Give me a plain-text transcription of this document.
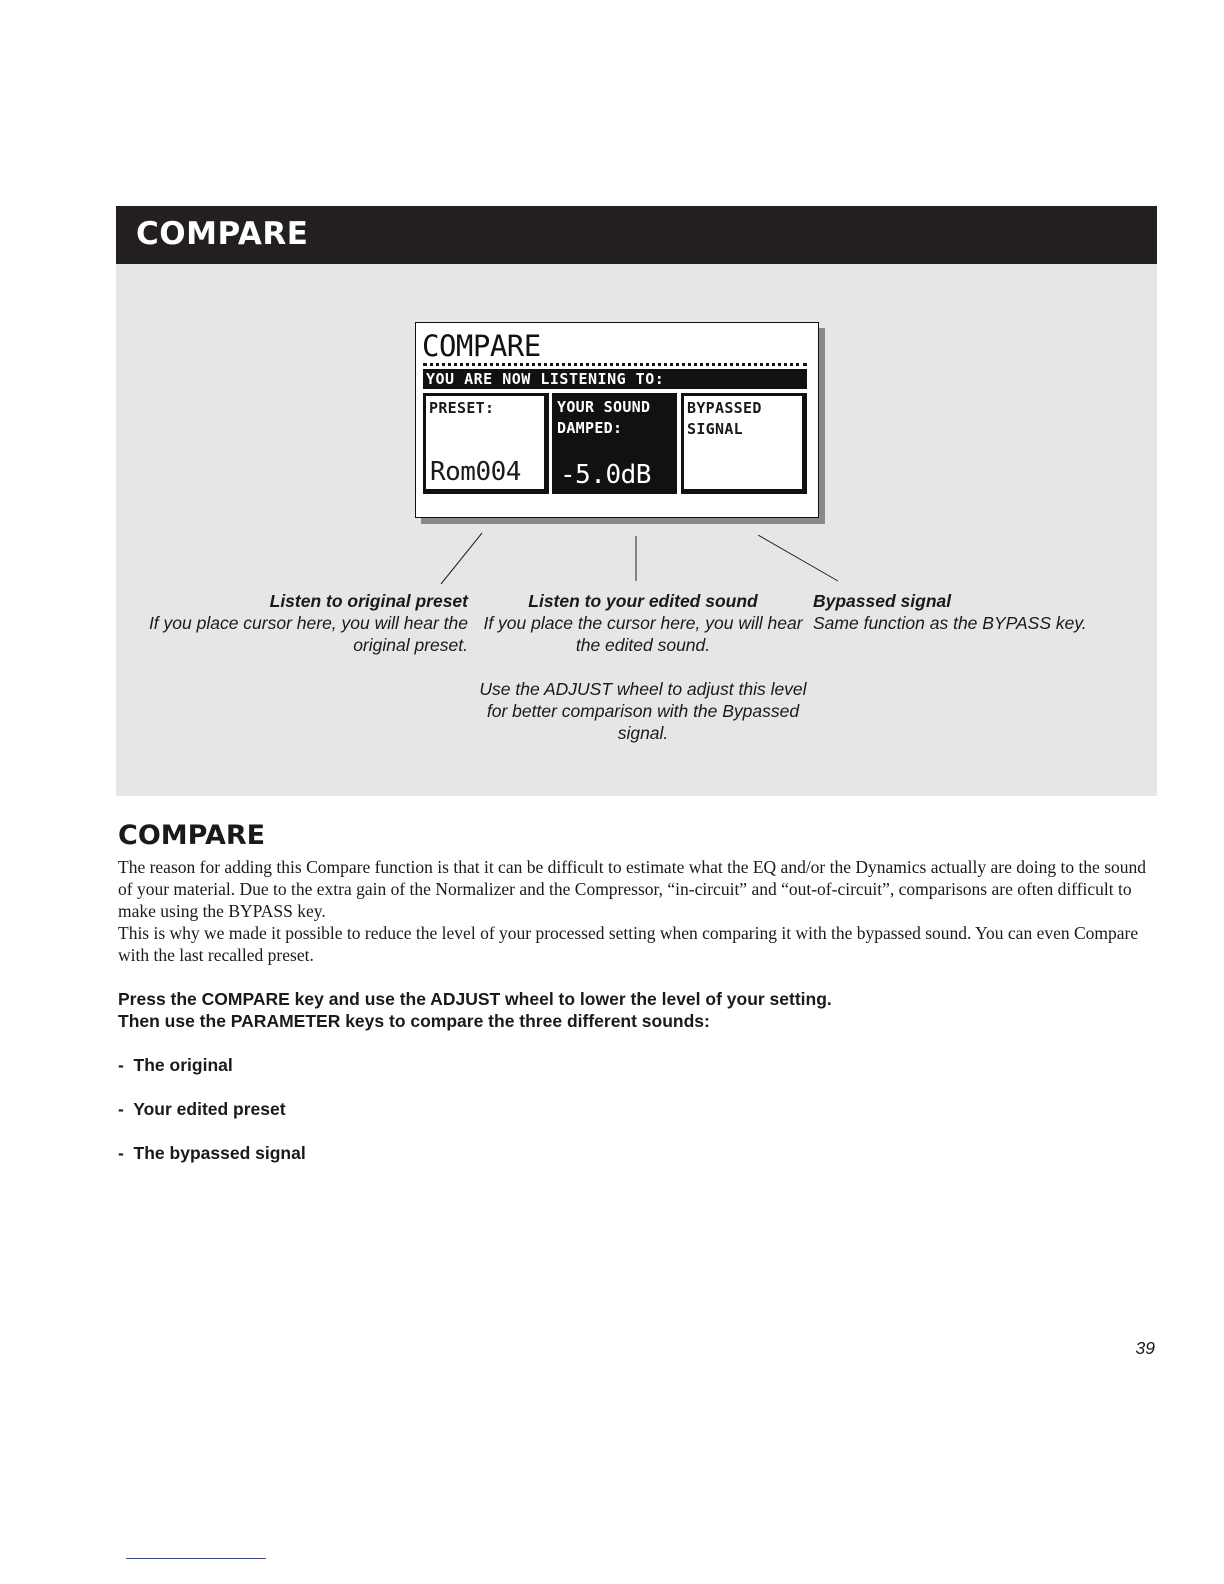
COMPARE
COMPARE
YOU ARE NOW LISTENING TO:
PRESET:
Rom004
YOUR SOUND
DAMPED:
-5.0dB
BYPASSED
SIGNAL
Listen to original preset
If you place cursor here, you will hear the original preset.
Listen to your edited sound
If you place the cursor here, you will hear the edited sound.
Use the ADJUST wheel to adjust this level for better comparison with the Bypassed signal.
Bypassed signal
Same function as the BYPASS key.
COMPARE

The reason for adding this Compare function is that it can be difficult to estimate what the EQ and/or the Dynamics actually are doing to the sound of your material. Due to the extra gain of the Normalizer and the Compressor, “in-circuit” and “out-of-circuit”, comparisons are often difficult to make using the BYPASS key.

This is why we made it possible to reduce the level of your processed setting when comparing it with the bypassed sound. You can even Compare with the last recalled preset.

Press the COMPARE key and use the ADJUST wheel to lower the level of your setting.
Then use the PARAMETER keys to compare the three different sounds:
-  The original
-  Your edited preset
-  The bypassed signal
39
